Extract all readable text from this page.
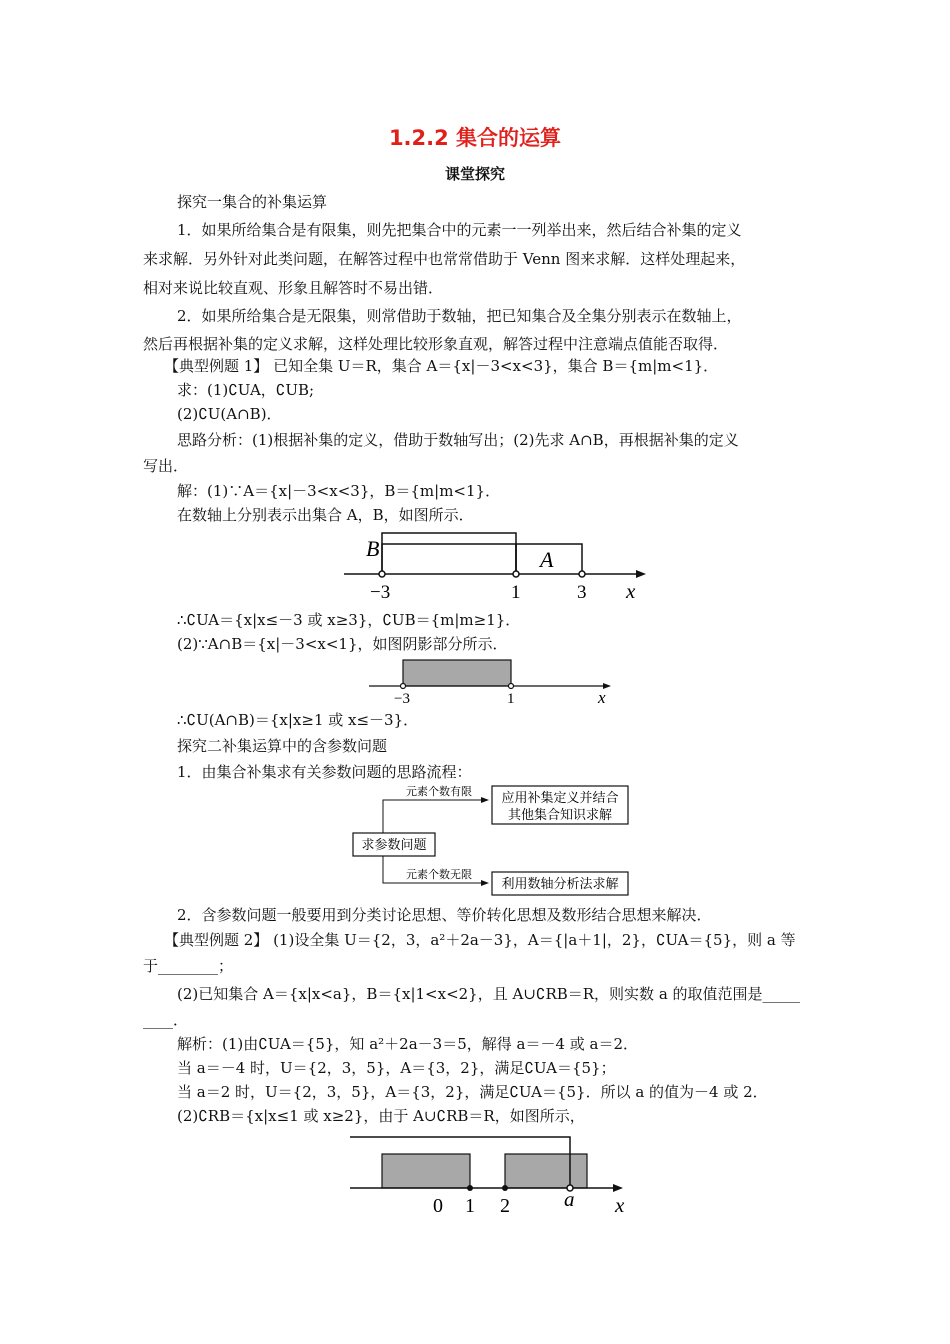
1.2.2 集合的运算
课堂探究
探究一集合的补集运算
1．如果所给集合是有限集，则先把集合中的元素一一列举出来，然后结合补集的定义
来求解．另外针对此类问题，在解答过程中也常常借助于 Venn 图来求解．这样处理起来，
相对来说比较直观、形象且解答时不易出错．
2．如果所给集合是无限集，则常借助于数轴，把已知集合及全集分别表示在数轴上，
然后再根据补集的定义求解，这样处理比较形象直观，解答过程中注意端点值能否取得．
【典型例题 1】 已知全集 U＝R，集合 A＝{x|－3<x<3}，集合 B＝{m|m<1}．
求：(1)∁UA，∁UB;
(2)∁U(A∩B)．
思路分析：(1)根据补集的定义，借助于数轴写出；(2)先求 A∩B，再根据补集的定义
写出．
解：(1)∵A＝{x|－3<x<3}，B＝{m|m<1}．
在数轴上分别表示出集合 A，B，如图所示．
B	A
−3	1	3 x
∴∁UA＝{x|x≤－3 或 x≥3}，∁UB＝{m|m≥1}．
(2)∵A∩B＝{x|－3<x<1}，如图阴影部分所示．
−3	1	x
∴∁U(A∩B)＝{x|x≥1 或 x≤－3}．
探究二补集运算中的含参数问题
1．由集合补集求有关参数问题的思路流程：
求参数问题
元素个数有限
元素个数无限
应用补集定义并结合
其他集合知识求解
利用数轴分析法求解
2．含参数问题一般要用到分类讨论思想、等价转化思想及数形结合思想来解决．
【典型例题 2】 (1)设全集 U＝{2，3，a²＋2a－3}，A＝{|a＋1|，2}，∁UA＝{5}，则 a 等
于________；
(2)已知集合 A＝{x|x<a}，B＝{x|1<x<2}，且 A∪∁RB＝R，则实数 a 的取值范围是_____
____．
解析：(1)由∁UA＝{5}，知 a²＋2a－3＝5，解得 a＝－4 或 a＝2．
当 a＝－4 时，U＝{2，3，5}，A＝{3，2}，满足∁UA＝{5}；
当 a＝2 时，U＝{2，3，5}，A＝{3，2}，满足∁UA＝{5}．所以 a 的值为－4 或 2．
(2)∁RB＝{x|x≤1 或 x≥2}，由于 A∪∁RB＝R，如图所示，
0 1 2	a x
